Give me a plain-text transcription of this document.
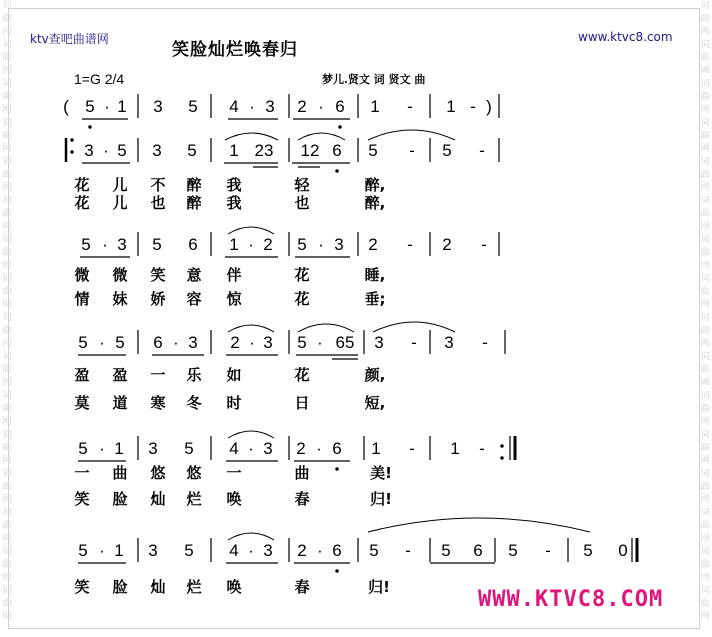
词
曲
网
词
曲
网
词
曲
网
词
曲
网
词
曲
网
词
曲
网
词
曲
网
词
曲
网
词
曲
网
词
曲
网
词
曲
网
词
曲
网
词
曲
网
词
曲
网
词
曲
网
词
曲
网
词
曲
网
词
曲
网
词
曲
网
词
曲
网
词
曲
网
词
曲
网
词
曲
网
词
曲
网
词
曲
网
词
曲
网
词
曲
网
词
曲
网
词
曲
网
词
曲
网
词
曲
网
词
曲
网
ktv查吧曲谱网
笑脸灿烂唤春归
www.ktvc8.com
1=G 2/4	梦儿.贤文 词 贤文 曲
( 5 · 1 3 5 4 · 3 2 · 6 1 - 1 - )
3 · 5 3 5 1 23 12 6 5 - 5 -
5 · 3 5 6 1 · 2 5 · 3 2 - 2 -
5 · 5 6 · 3 2 · 3 5 · 65 3 - 3 -
5 · 1 3 5 4 · 3 2 · 6 1 - 1 -
5 · 1 3 5 4 · 3 2 · 6 5 - 5 6 5 - 5 0
花 儿 不 醉 我	轻	醉,
花 儿 也 醉 我	也	醉,
微 微 笑 意 伴	花	睡,
情 妹 娇 容 惊	花	垂;
盈 盈 一 乐 如	花	颜,
莫 道 寒 冬 时	日	短,
一 曲 悠 悠 一	曲	美!
笑 脸 灿 烂 唤	春	归!
笑 脸 灿 烂 唤	春	归!	WWW.KTVC8.COM
